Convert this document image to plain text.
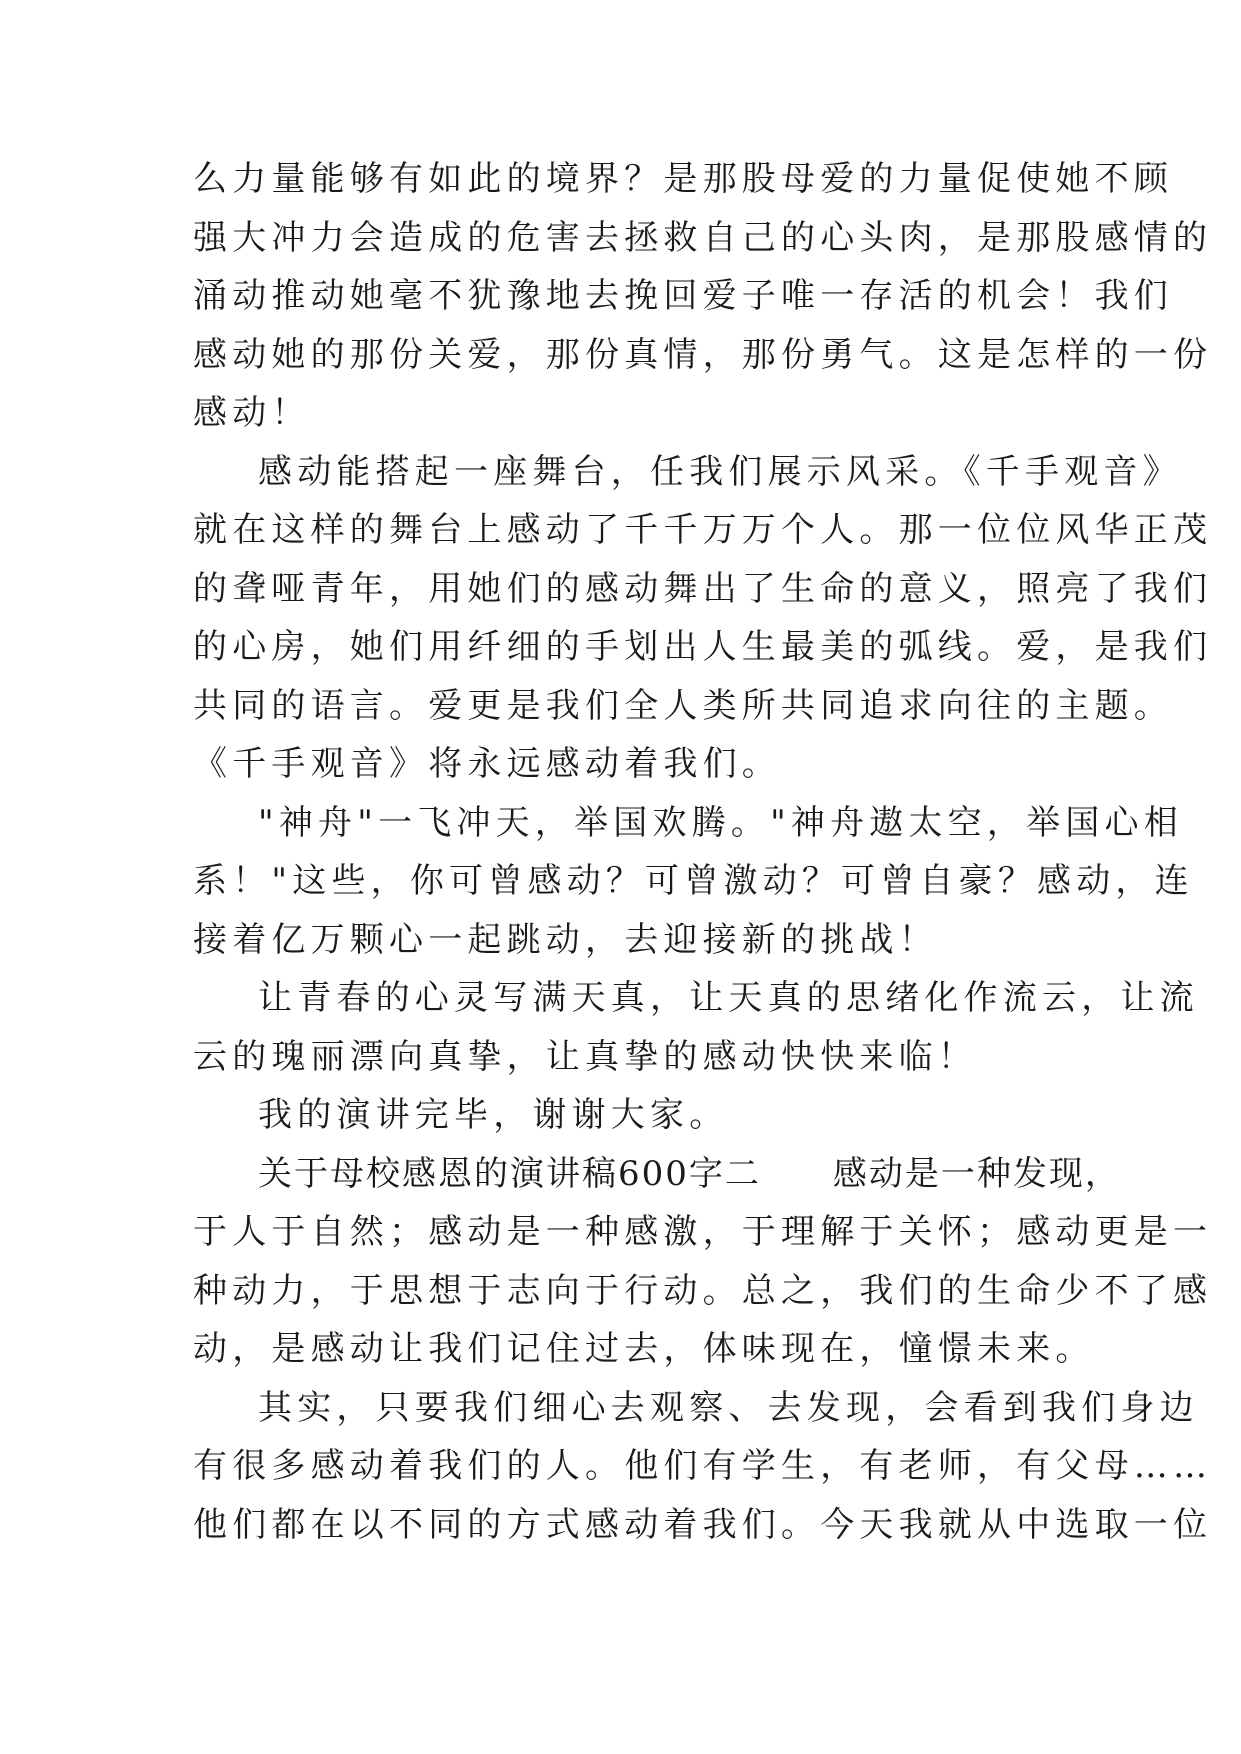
么力量能够有如此的境界？是那股母爱的力量促使她不顾
强大冲力会造成的危害去拯救自己的心头肉，是那股感情的
涌动推动她毫不犹豫地去挽回爱子唯一存活的机会！我们
感动她的那份关爱，那份真情，那份勇气。这是怎样的一份
感动！
感动能搭起一座舞台，任我们展示风采。《千手观音》
就在这样的舞台上感动了千千万万个人。那一位位风华正茂
的聋哑青年，用她们的感动舞出了生命的意义，照亮了我们
的心房，她们用纤细的手划出人生最美的弧线。爱，是我们
共同的语言。爱更是我们全人类所共同追求向往的主题。
《千手观音》将永远感动着我们。
"神舟"一飞冲天，举国欢腾。"神舟遨太空，举国心相
系！"这些，你可曾感动？可曾激动？可曾自豪？感动，连
接着亿万颗心一起跳动，去迎接新的挑战！
让青春的心灵写满天真，让天真的思绪化作流云，让流
云的瑰丽漂向真挚，让真挚的感动快快来临！
我的演讲完毕，谢谢大家。
关于母校感恩的演讲稿600字二　　感动是一种发现，
于人于自然；感动是一种感激，于理解于关怀；感动更是一
种动力，于思想于志向于行动。总之，我们的生命少不了感
动，是感动让我们记住过去，体味现在，憧憬未来。
其实，只要我们细心去观察、去发现，会看到我们身边
有很多感动着我们的人。他们有学生，有老师，有父母……
他们都在以不同的方式感动着我们。今天我就从中选取一位
